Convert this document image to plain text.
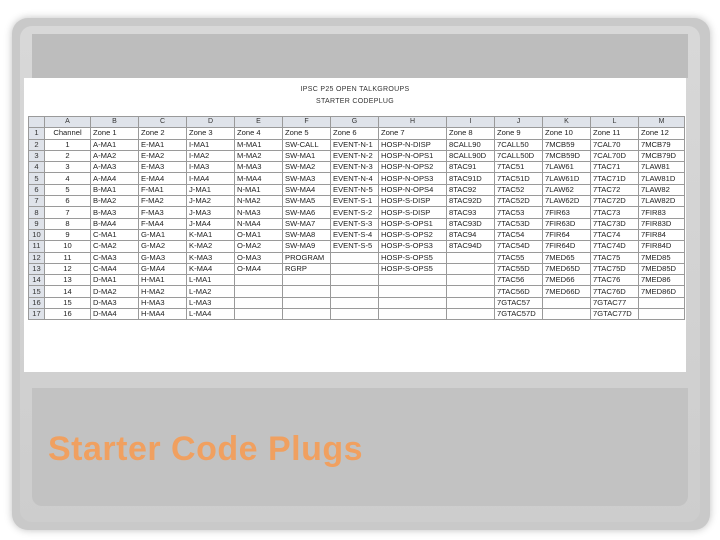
IPSC P25 OPEN TALKGROUPS
STARTER CODEPLUG
	A	B	C	D	E	F	G	H	I	J	K	L	M
1	Channel	Zone 1	Zone 2	Zone 3	Zone 4	Zone 5	Zone 6	Zone 7	Zone 8	Zone 9	Zone 10	Zone 11	Zone 12
2	1	A-MA1	E-MA1	I-MA1	M-MA1	SW-CALL	EVENT-N-1	HOSP-N-DISP	8CALL90	7CALL50	7MCB59	7CAL70	7MCB79
3	2	A-MA2	E-MA2	I-MA2	M-MA2	SW-MA1	EVENT-N-2	HOSP-N-OPS1	8CALL90D	7CALL50D	7MCB59D	7CAL70D	7MCB79D
4	3	A-MA3	E-MA3	I-MA3	M-MA3	SW-MA2	EVENT-N-3	HOSP-N-OPS2	8TAC91	7TAC51	7LAW61	7TAC71	7LAW81
5	4	A-MA4	E-MA4	I-MA4	M-MA4	SW-MA3	EVENT-N-4	HOSP-N-OPS3	8TAC91D	7TAC51D	7LAW61D	7TAC71D	7LAW81D
6	5	B-MA1	F-MA1	J-MA1	N-MA1	SW-MA4	EVENT-N-5	HOSP-N-OPS4	8TAC92	7TAC52	7LAW62	7TAC72	7LAW82
7	6	B-MA2	F-MA2	J-MA2	N-MA2	SW-MA5	EVENT-S-1	HOSP-S-DISP	8TAC92D	7TAC52D	7LAW62D	7TAC72D	7LAW82D
8	7	B-MA3	F-MA3	J-MA3	N-MA3	SW-MA6	EVENT-S-2	HOSP-S-DISP	8TAC93	7TAC53	7FIR63	7TAC73	7FIR83
9	8	B-MA4	F-MA4	J-MA4	N-MA4	SW-MA7	EVENT-S-3	HOSP-S-OPS1	8TAC93D	7TAC53D	7FIR63D	7TAC73D	7FIR83D
10	9	C-MA1	G-MA1	K-MA1	O-MA1	SW-MA8	EVENT-S-4	HOSP-S-OPS2	8TAC94	7TAC54	7FIR64	7TAC74	7FIR84
11	10	C-MA2	G-MA2	K-MA2	O-MA2	SW-MA9	EVENT-S-5	HOSP-S-OPS3	8TAC94D	7TAC54D	7FIR64D	7TAC74D	7FIR84D
12	11	C-MA3	G-MA3	K-MA3	O-MA3	PROGRAM		HOSP-S-OPS5		7TAC55	7MED65	7TAC75	7MED85
13	12	C-MA4	G-MA4	K-MA4	O-MA4	RGRP		HOSP-S-OPS5		7TAC55D	7MED65D	7TAC75D	7MED85D
14	13	D-MA1	H-MA1	L-MA1						7TAC56	7MED66	7TAC76	7MED86
15	14	D-MA2	H-MA2	L-MA2						7TAC56D	7MED66D	7TAC76D	7MED86D
16	15	D-MA3	H-MA3	L-MA3						7GTAC57		7GTAC77	
17	16	D-MA4	H-MA4	L-MA4						7GTAC57D		7GTAC77D	
Starter Code Plugs
